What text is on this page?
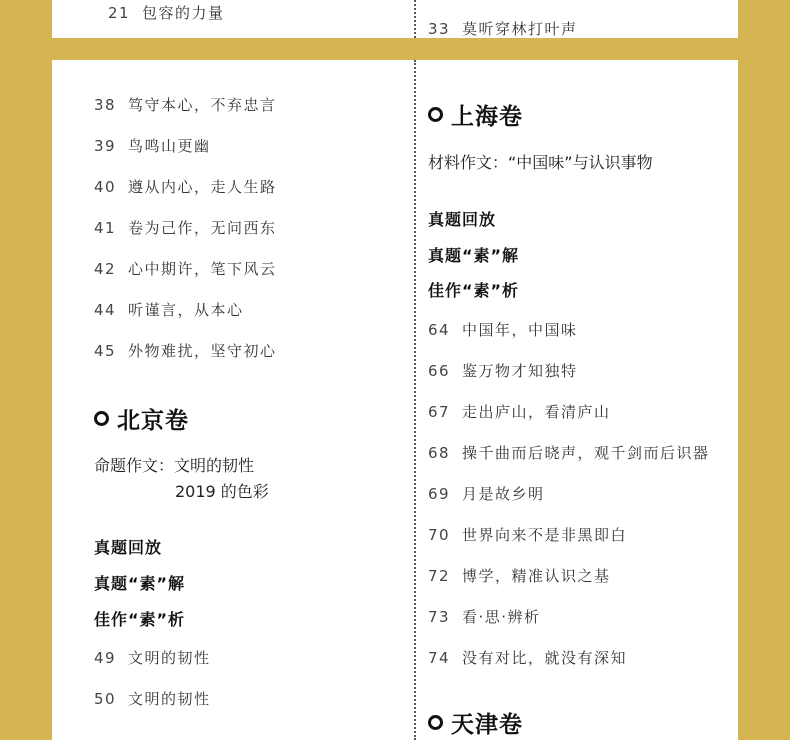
21 包容的力量
33 莫听穿林打叶声
38 笃守本心，不弃忠言
39 鸟鸣山更幽
40 遵从内心，走人生路
41 卷为己作，无问西东
42 心中期许，笔下风云
44 听谨言，从本心
45 外物难扰，坚守初心
北京卷
命题作文：文明的韧性
2019 的色彩
真题回放
真题“素”解
佳作“素”析
49 文明的韧性
50 文明的韧性
上海卷
材料作文：“中国味”与认识事物
真题回放
真题“素”解
佳作“素”析
64 中国年，中国味
66 鉴万物才知独特
67 走出庐山，看清庐山
68 操千曲而后晓声，观千剑而后识器
69 月是故乡明
70 世界向来不是非黑即白
72 博学，精准认识之基
73 看·思·辨析
74 没有对比，就没有深知
天津卷
